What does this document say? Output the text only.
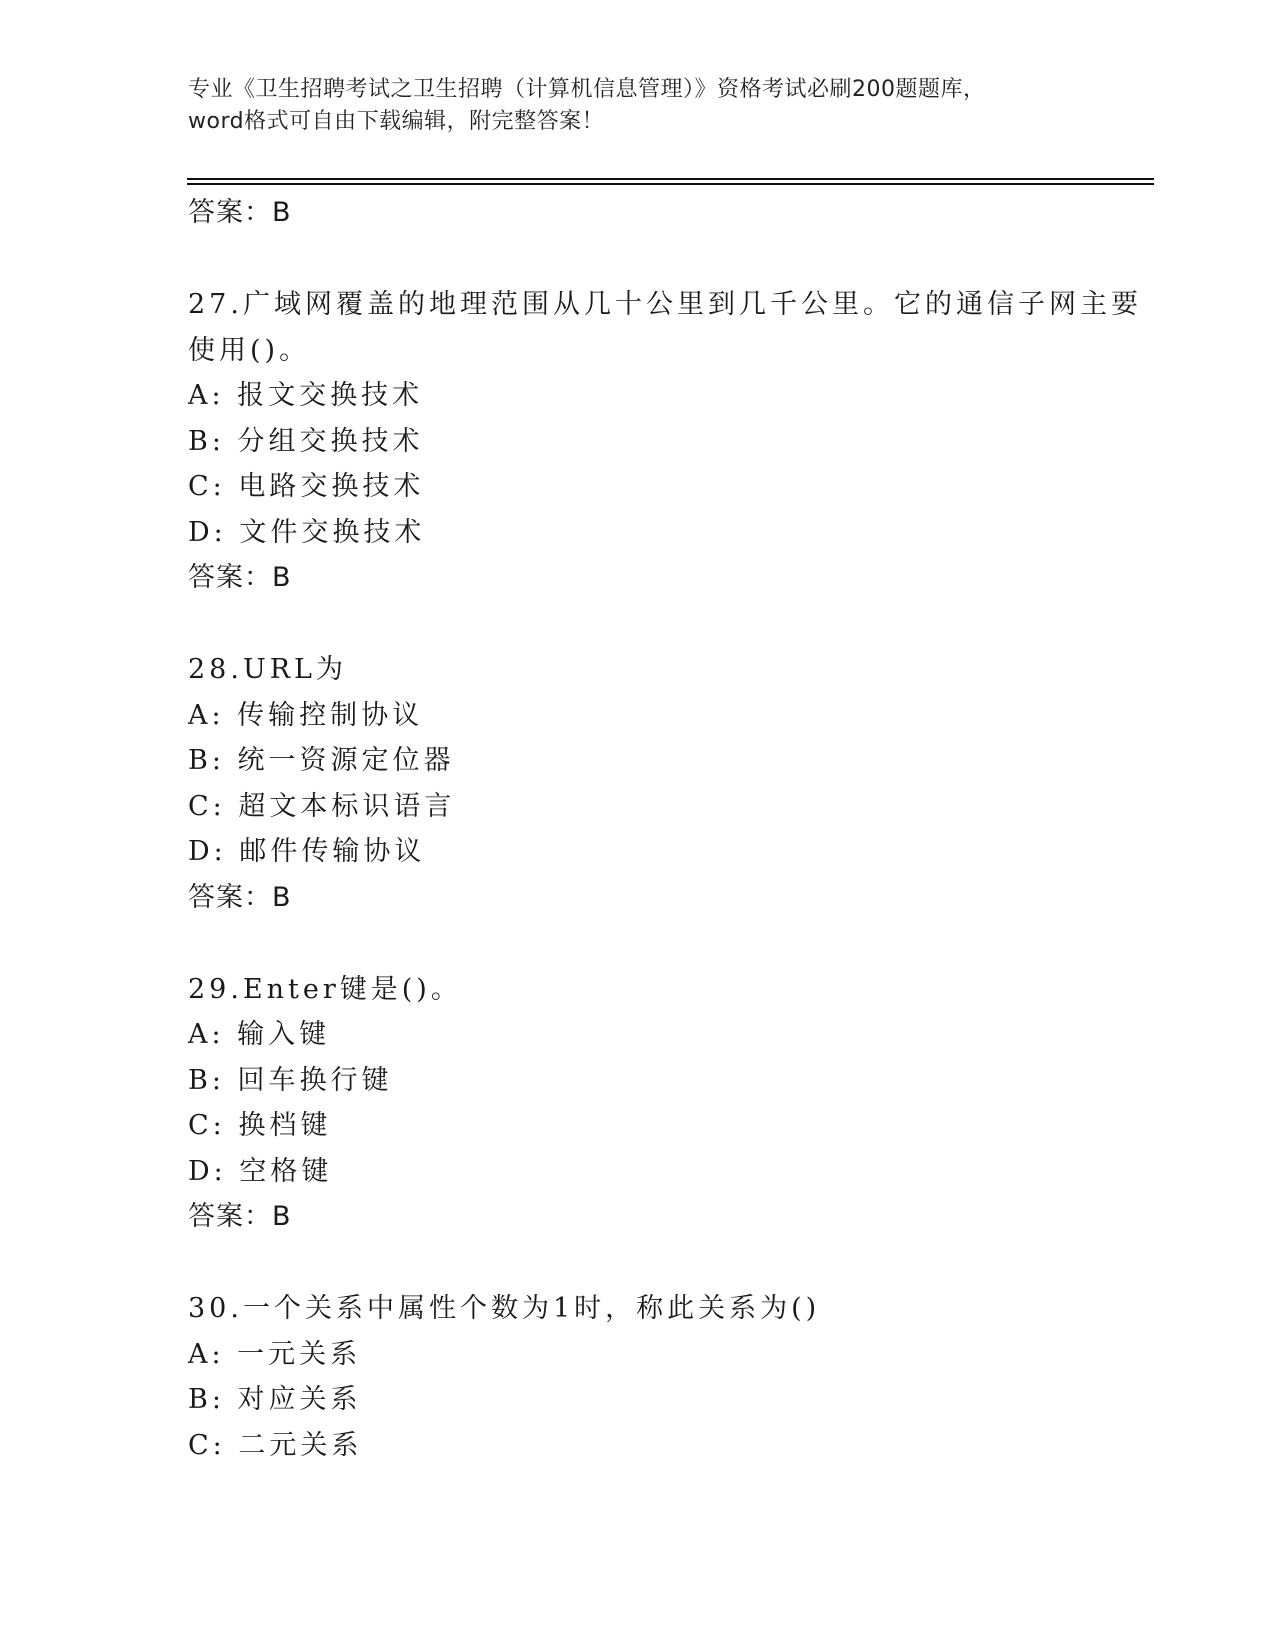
专业《卫生招聘考试之卫生招聘（计算机信息管理）》资格考试必刷200题题库，
word格式可自由下载编辑，附完整答案！
答案：B
27.广域网覆盖的地理范围从几十公里到几千公里。它的通信子网主要
使用()。
A: 报文交换技术
B: 分组交换技术
C: 电路交换技术
D: 文件交换技术
答案：B
28.URL为
A: 传输控制协议
B: 统一资源定位器
C: 超文本标识语言
D: 邮件传输协议
答案：B
29.Enter键是()。
A: 输入键
B: 回车换行键
C: 换档键
D: 空格键
答案：B
30.一个关系中属性个数为1时，称此关系为()
A: 一元关系
B: 对应关系
C: 二元关系
